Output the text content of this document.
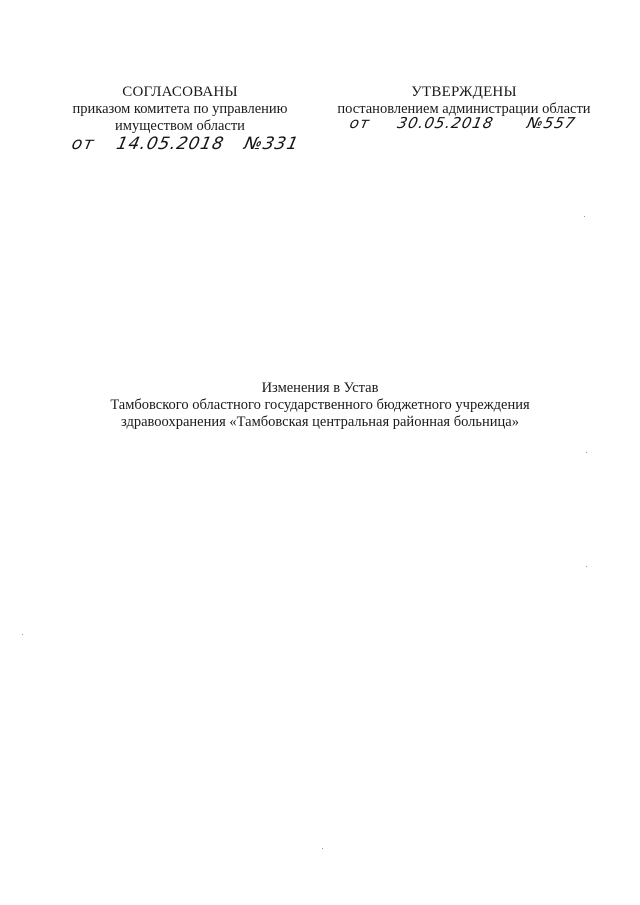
СОГЛАСОВАНЫ
приказом комитета по управлению
имуществом области
от 14.05.2018 №331
УТВЕРЖДЕНЫ
постановлением администрации области
от 30.05.2018 №557
Изменения в Устав
Тамбовского областного государственного бюджетного учреждения
здравоохранения «Тамбовская центральная районная больница»
